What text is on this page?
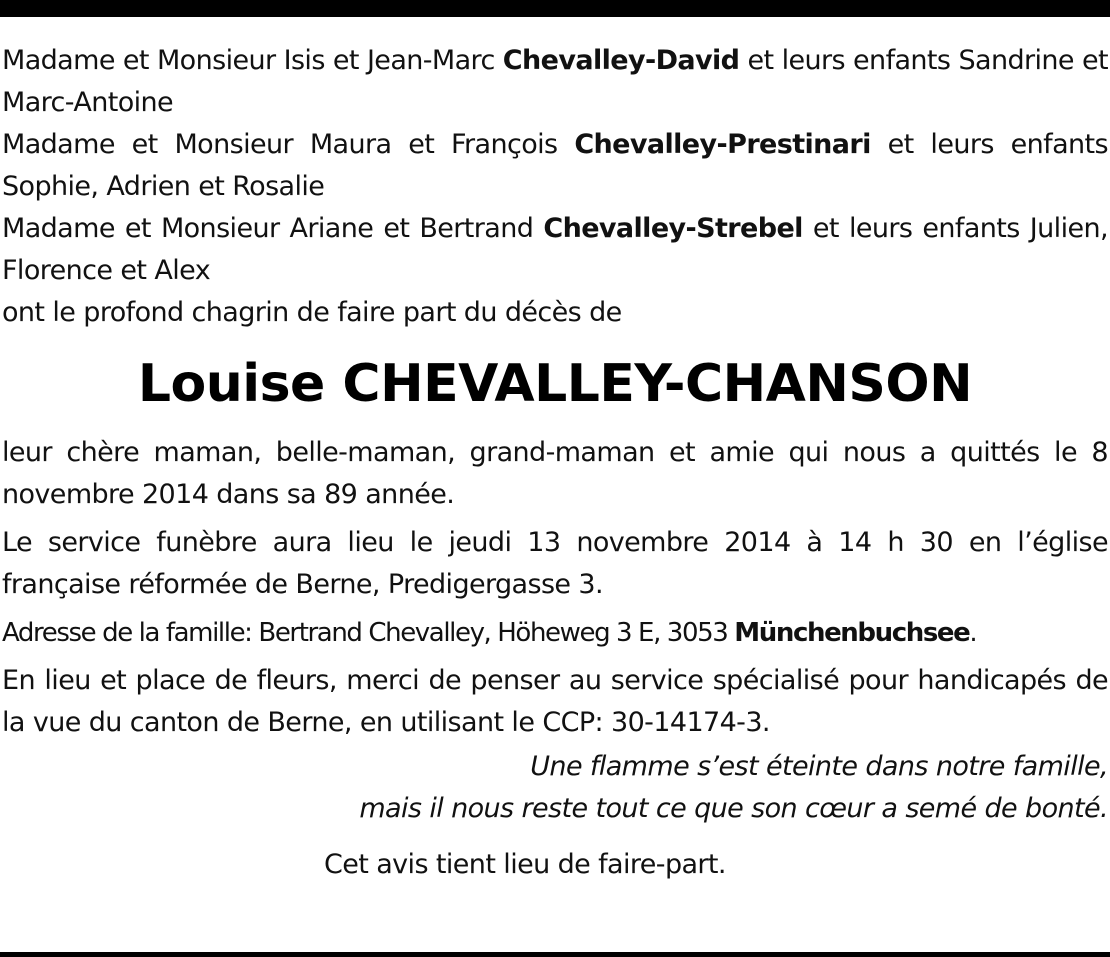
Madame et Monsieur Isis et Jean-Marc Chevalley-David et leurs enfants Sandrine et Marc-Antoine

Madame et Monsieur Maura et François Chevalley-Prestinari et leurs enfants Sophie, Adrien et Rosalie

Madame et Monsieur Ariane et Bertrand Chevalley-Strebel et leurs enfants Julien, Florence et Alex

ont le profond chagrin de faire part du décès de

Louise CHEVALLEY-CHANSON

leur chère maman, belle-maman, grand-maman et amie qui nous a quittés le 8 novembre 2014 dans sa 89 année.

Le service funèbre aura lieu le jeudi 13 novembre 2014 à 14 h 30 en l’église française réformée de Berne, Predigergasse 3.

Adresse de la famille: Bertrand Chevalley, Höheweg 3 E, 3053 Münchenbuchsee.

En lieu et place de fleurs, merci de penser au service spécialisé pour handicapés de la vue du canton de Berne, en utilisant le CCP: 30-14174-3.

Une flamme s’est éteinte dans notre famille,
mais il nous reste tout ce que son cœur a semé de bonté.
Cet avis tient lieu de faire-part.
